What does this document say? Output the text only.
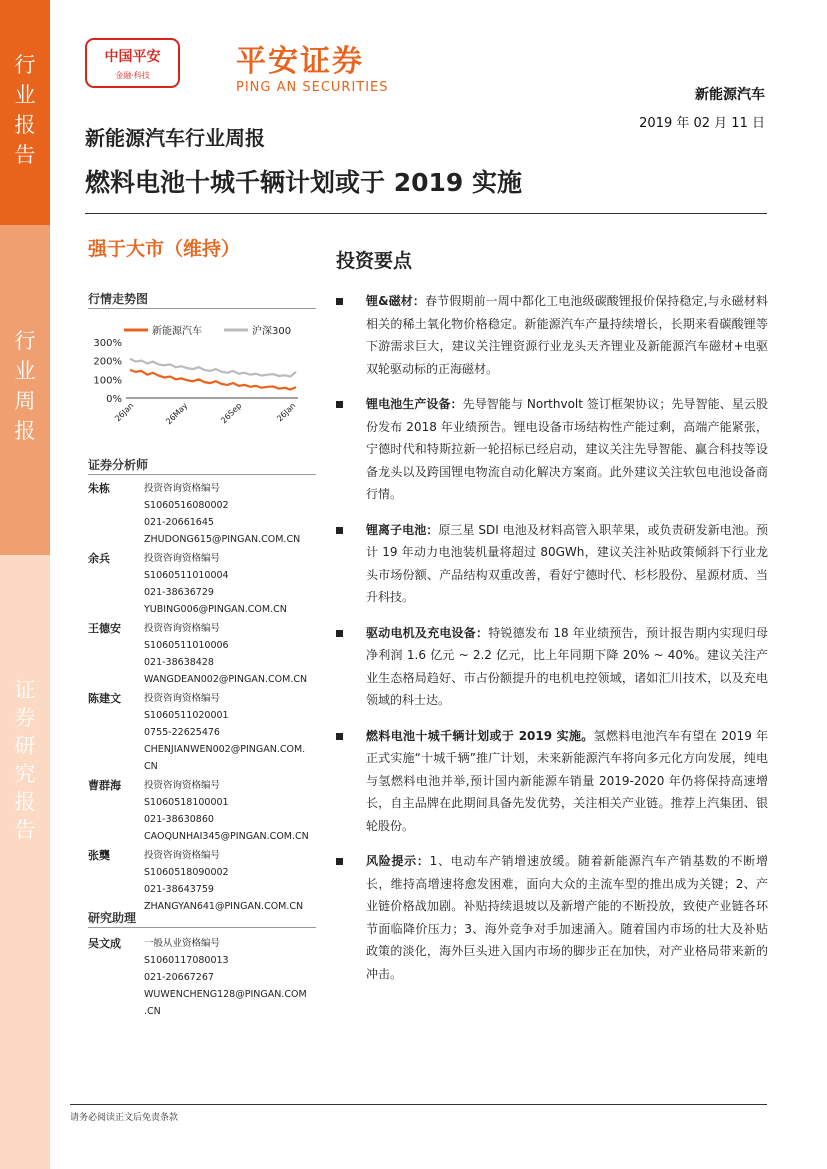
行
业
报
告
行
业
周
报
证
券
研
究
报
告
中国平安
金融·科技	平安证券
PING AN SECURITIES	新能源汽车
2019 年 02 月 11 日
新能源汽车行业周报
燃料电池十城千辆计划或于 2019 实施
强于大市（维持）
行情走势图
0%
100%
200%
300%
26Jan	26May	26Sep	26Jan
新能源汽车	沪深300
证券分析师
朱栋	投资咨询资格编号
S1060516080002
021-20661645
ZHUDONG615@PINGAN.COM.CN
余兵	投资咨询资格编号
S1060511010004
021-38636729
YUBING006@PINGAN.COM.CN
王德安 投资咨询资格编号
S1060511010006
021-38638428
WANGDEAN002@PINGAN.COM.CN
陈建文 投资咨询资格编号
S1060511020001
0755-22625476
CHENJIANWEN002@PINGAN.COM.
CN
曹群海 投资咨询资格编号
S1060518100001
021-38630860
CAOQUNHAI345@PINGAN.COM.CN
张龑	投资咨询资格编号
S1060518090002
021-38643759
ZHANGYAN641@PINGAN.COM.CN
研究助理
吴文成 一般从业资格编号
S1060117080013
021-20667267
WUWENCHENG128@PINGAN.COM
.CN
投资要点
锂&磁材：春节假期前一周中都化工电池级碳酸锂报价保持稳定,与永磁材料相关的稀土氧化物价格稳定。新能源汽车产量持续增长，长期来看碳酸锂等下游需求巨大，建议关注锂资源行业龙头天齐锂业及新能源汽车磁材+电驱双轮驱动标的正海磁材。
锂电池生产设备：先导智能与 Northvolt 签订框架协议；先导智能、星云股份发布 2018 年业绩预告。锂电设备市场结构性产能过剩，高端产能紧张，宁德时代和特斯拉新一轮招标已经启动，建议关注先导智能、赢合科技等设备龙头以及跨国锂电物流自动化解决方案商。此外建议关注软包电池设备商行情。
锂离子电池：原三星 SDI 电池及材料高管入职苹果，或负责研发新电池。预计 19 年动力电池装机量将超过 80GWh，建议关注补贴政策倾斜下行业龙头市场份额、产品结构双重改善，看好宁德时代、杉杉股份、星源材质、当升科技。
驱动电机及充电设备：特锐德发布 18 年业绩预告，预计报告期内实现归母净利润 1.6 亿元 ~ 2.2 亿元，比上年同期下降 20% ~ 40%。建议关注产业生态格局趋好、市占份额提升的电机电控领域，诸如汇川技术，以及充电领域的科士达。
燃料电池十城千辆计划或于 2019 实施。氢燃料电池汽车有望在 2019 年正式实施“十城千辆”推广计划，未来新能源汽车将向多元化方向发展，纯电与氢燃料电池并举,预计国内新能源车销量 2019-2020 年仍将保持高速增长，自主品牌在此期间具备先发优势，关注相关产业链。推荐上汽集团、银轮股份。
风险提示：1、电动车产销增速放缓。随着新能源汽车产销基数的不断增长，维持高增速将愈发困难，面向大众的主流车型的推出成为关键；2、产业链价格战加剧。补贴持续退坡以及新增产能的不断投放，致使产业链各环节面临降价压力；3、海外竞争对手加速涌入。随着国内市场的壮大及补贴政策的淡化，海外巨头进入国内市场的脚步正在加快，对产业格局带来新的冲击。
请务必阅读正文后免责条款
